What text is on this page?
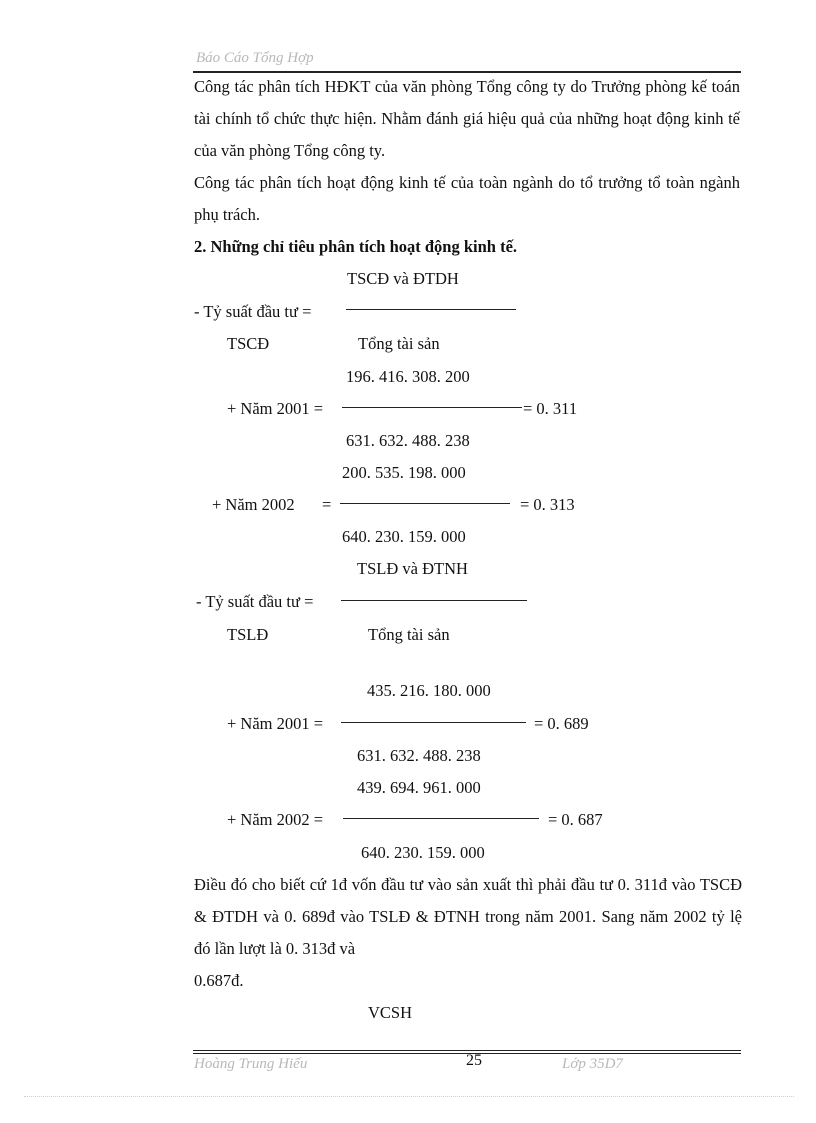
Báo Cáo Tổng Hợp
Công tác phân tích HĐKT của văn phòng Tổng công ty do Trưởng phòng kế toán tài chính tổ chức thực hiện. Nhằm đánh giá hiệu quả của những hoạt động kinh tế của văn phòng Tổng công ty.
Công tác phân tích hoạt động kinh tế của toàn ngành do tổ trưởng tổ toàn ngành phụ trách.
2. Những chỉ tiêu phân tích hoạt động kinh tế.
TSCĐ và ĐTDH
- Tỷ suất đầu tư =
TSCĐ	Tổng tài sản
196. 416. 308. 200
+ Năm 2001 =	= 0. 311
631. 632. 488. 238
200. 535. 198. 000
+ Năm 2002 =	= 0. 313
640. 230. 159. 000
TSLĐ và ĐTNH
- Tỷ suất đầu tư =
TSLĐ	Tổng tài sản
435. 216. 180. 000
+ Năm 2001 =	= 0. 689
631. 632. 488. 238
439. 694. 961. 000
+ Năm 2002 =	= 0. 687
640. 230. 159. 000
Điều đó cho biết cứ 1đ vốn đầu tư vào sản xuất thì phải đầu tư 0. 311đ vào TSCĐ & ĐTDH và 0. 689đ vào TSLĐ & ĐTNH trong năm 2001. Sang năm 2002 tỷ lệ đó lần lượt là 0. 313đ và
0.687đ.
VCSH
Hoàng Trung Hiếu	25	Lớp 35D7
